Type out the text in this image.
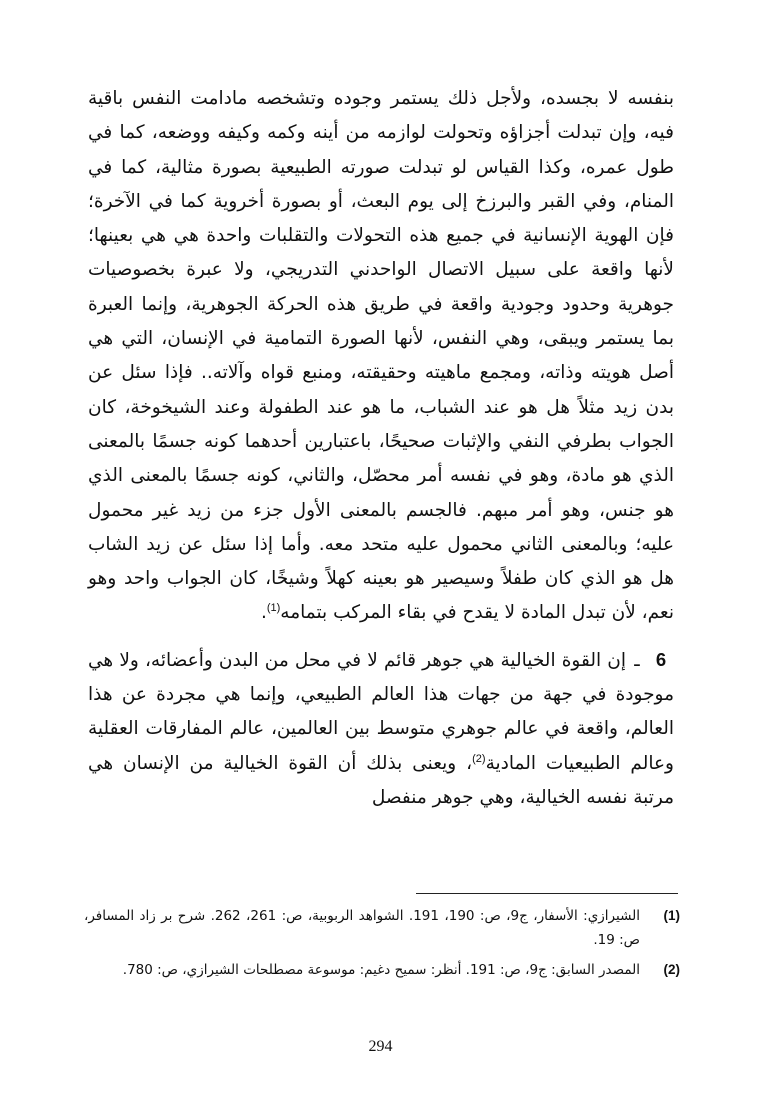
بنفسه لا بجسده، ولأجل ذلك يستمر وجوده وتشخصه مادامت النفس باقية فيه، وإن تبدلت أجزاؤه وتحولت لوازمه من أينه وكمه وكيفه ووضعه، كما في طول عمره، وكذا القياس لو تبدلت صورته الطبيعية بصورة مثالية، كما في المنام، وفي القبر والبرزخ إلى يوم البعث، أو بصورة أخروية كما في الآخرة؛ فإن الهوية الإنسانية في جميع هذه التحولات والتقلبات واحدة هي هي بعينها؛ لأنها واقعة على سبيل الاتصال الواحدني التدريجي، ولا عبرة بخصوصيات جوهرية وحدود وجودية واقعة في طريق هذه الحركة الجوهرية، وإنما العبرة بما يستمر ويبقى، وهي النفس، لأنها الصورة التمامية في الإنسان، التي هي أصل هويته وذاته، ومجمع ماهيته وحقيقته، ومنبع قواه وآلاته.. فإذا سئل عن بدن زيد مثلاً هل هو عند الشباب، ما هو عند الطفولة وعند الشيخوخة، كان الجواب بطرفي النفي والإثبات صحيحًا، باعتبارين أحدهما كونه جسمًا بالمعنى الذي هو مادة، وهو في نفسه أمر محصّل، والثاني، كونه جسمًا بالمعنى الذي هو جنس، وهو أمر مبهم. فالجسم بالمعنى الأول جزء من زيد غير محمول عليه؛ وبالمعنى الثاني محمول عليه متحد معه. وأما إذا سئل عن زيد الشاب هل هو الذي كان طفلاً وسيصير هو بعينه كهلاً وشيخًا، كان الجواب واحد وهو نعم، لأن تبدل المادة لا يقدح في بقاء المركب بتمامه$^{(1)}$.

6ـإن القوة الخيالية هي جوهر قائم لا في محل من البدن وأعضائه، ولا هي موجودة في جهة من جهات هذا العالم الطبيعي، وإنما هي مجردة عن هذا العالم، واقعة في عالم جوهري متوسط بين العالمين، عالم المفارقات العقلية وعالم الطبيعيات المادية$^{(2)}$، ويعنى بذلك أن القوة الخيالية من الإنسان هي مرتبة نفسه الخيالية، وهي جوهر منفصل

(1)
الشيرازي: الأسفار، ج9، ص: 190، 191. الشواهد الربوبية، ص: 261، 262. شرح بر زاد المسافر، ص: 19.

(2)
المصدر السابق: ج9، ص: 191. أنظر: سميح دغيم: موسوعة مصطلحات الشيرازي، ص: 780.

294
